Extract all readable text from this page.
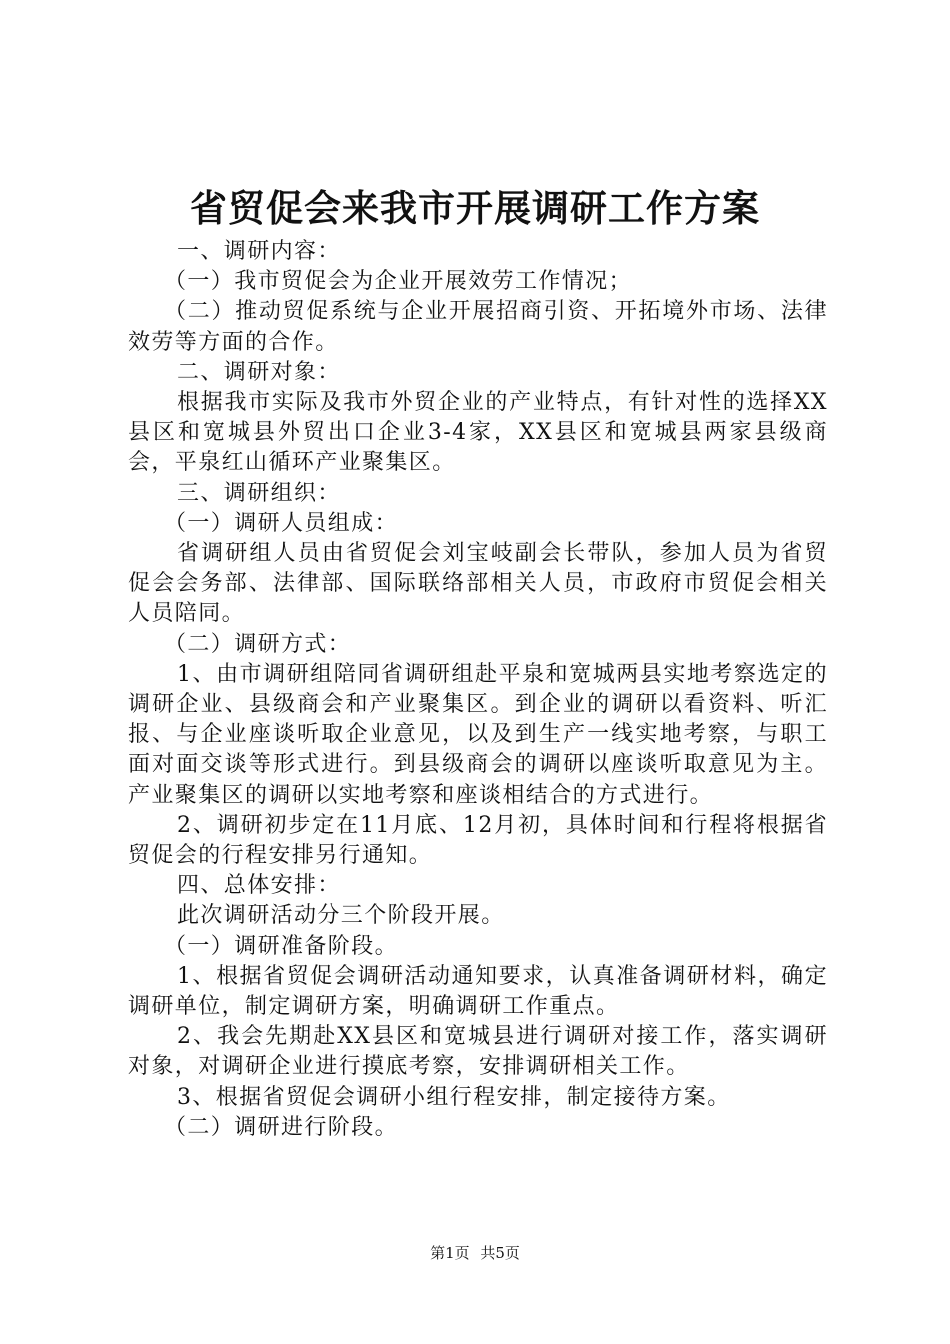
省贸促会来我市开展调研工作方案

一、调研内容：

（一）我市贸促会为企业开展效劳工作情况；

（二）推动贸促系统与企业开展招商引资、开拓境外市场、法律效劳等方面的合作。

二、调研对象：

根据我市实际及我市外贸企业的产业特点，有针对性的选择XX县区和宽城县外贸出口企业3-4家，XX县区和宽城县两家县级商会，平泉红山循环产业聚集区。

三、调研组织：

（一）调研人员组成：

省调研组人员由省贸促会刘宝岐副会长带队，参加人员为省贸促会会务部、法律部、国际联络部相关人员，市政府市贸促会相关人员陪同。

（二）调研方式：

1、由市调研组陪同省调研组赴平泉和宽城两县实地考察选定的调研企业、县级商会和产业聚集区。到企业的调研以看资料、听汇报、与企业座谈听取企业意见，以及到生产一线实地考察，与职工面对面交谈等形式进行。到县级商会的调研以座谈听取意见为主。产业聚集区的调研以实地考察和座谈相结合的方式进行。

2、调研初步定在11月底、12月初，具体时间和行程将根据省贸促会的行程安排另行通知。

四、总体安排：

此次调研活动分三个阶段开展。

（一）调研准备阶段。

1、根据省贸促会调研活动通知要求，认真准备调研材料，确定调研单位，制定调研方案，明确调研工作重点。

2、我会先期赴XX县区和宽城县进行调研对接工作，落实调研对象，对调研企业进行摸底考察，安排调研相关工作。

3、根据省贸促会调研小组行程安排，制定接待方案。

（二）调研进行阶段。

第1页 共5页
